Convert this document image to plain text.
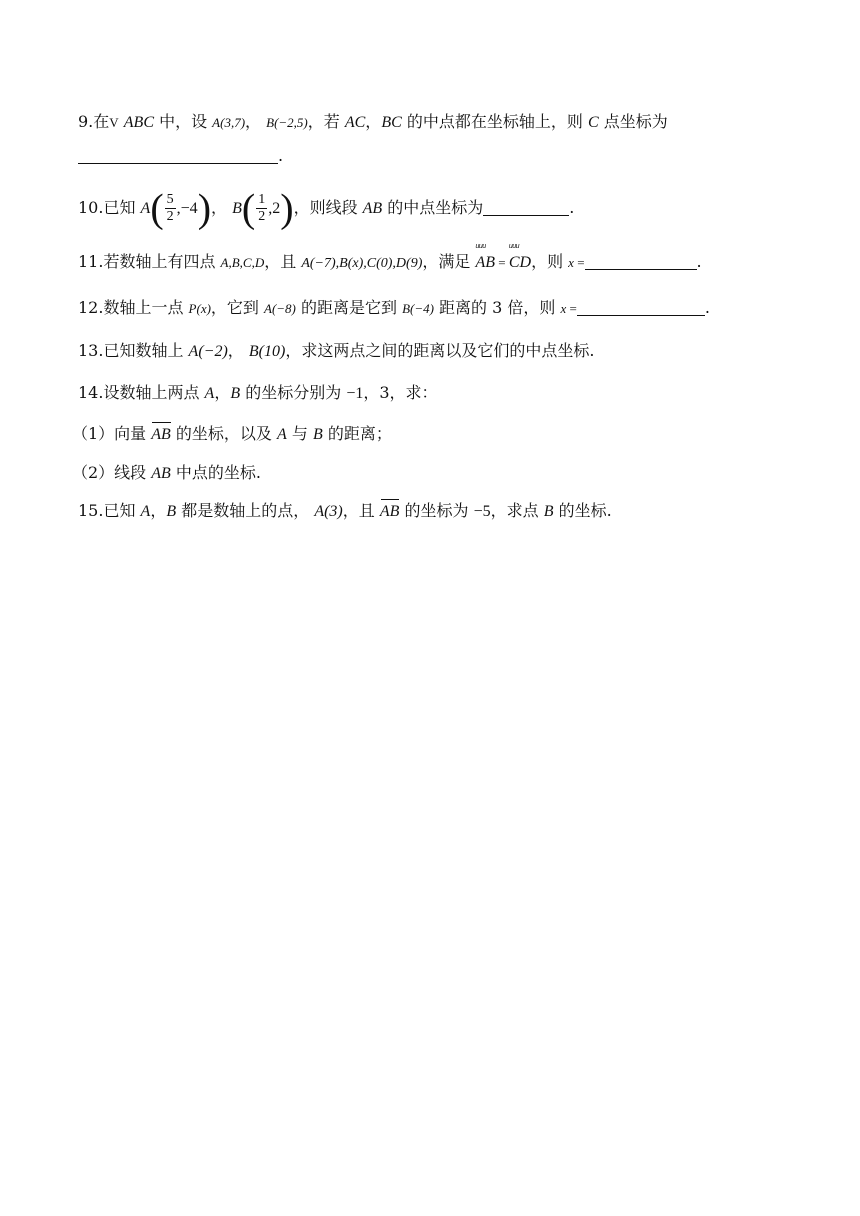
9.在V ABC 中，设 A(3,7)， B(−2,5)，若 AC，BC 的中点都在坐标轴上，则 C 点坐标为
.
10.已知 $A( \frac{5}{2} ,-4)$， $B( \frac{1}{2} ,2)$，则线段 AB 的中点坐标为	.
11.若数轴上有四点 A,B,C,D，且 A(−7),B(x),C(0),D(9)，满足
uuu
AB =
uuu
CD，则 x =	.
12.数轴上一点 P(x)，它到 A(−8) 的距离是它到 B(−4) 距离的 3 倍，则 x =	.
13.已知数轴上 A(−2)， B(10)，求这两点之间的距离以及它们的中点坐标.
14.设数轴上两点 A，B 的坐标分别为 −1，3，求：
（1）向量
AB 的坐标，以及 A 与 B 的距离；
（2）线段 AB 中点的坐标.
15.已知 A，B 都是数轴上的点， A(3)，且
AB 的坐标为 −5，求点 B 的坐标.
